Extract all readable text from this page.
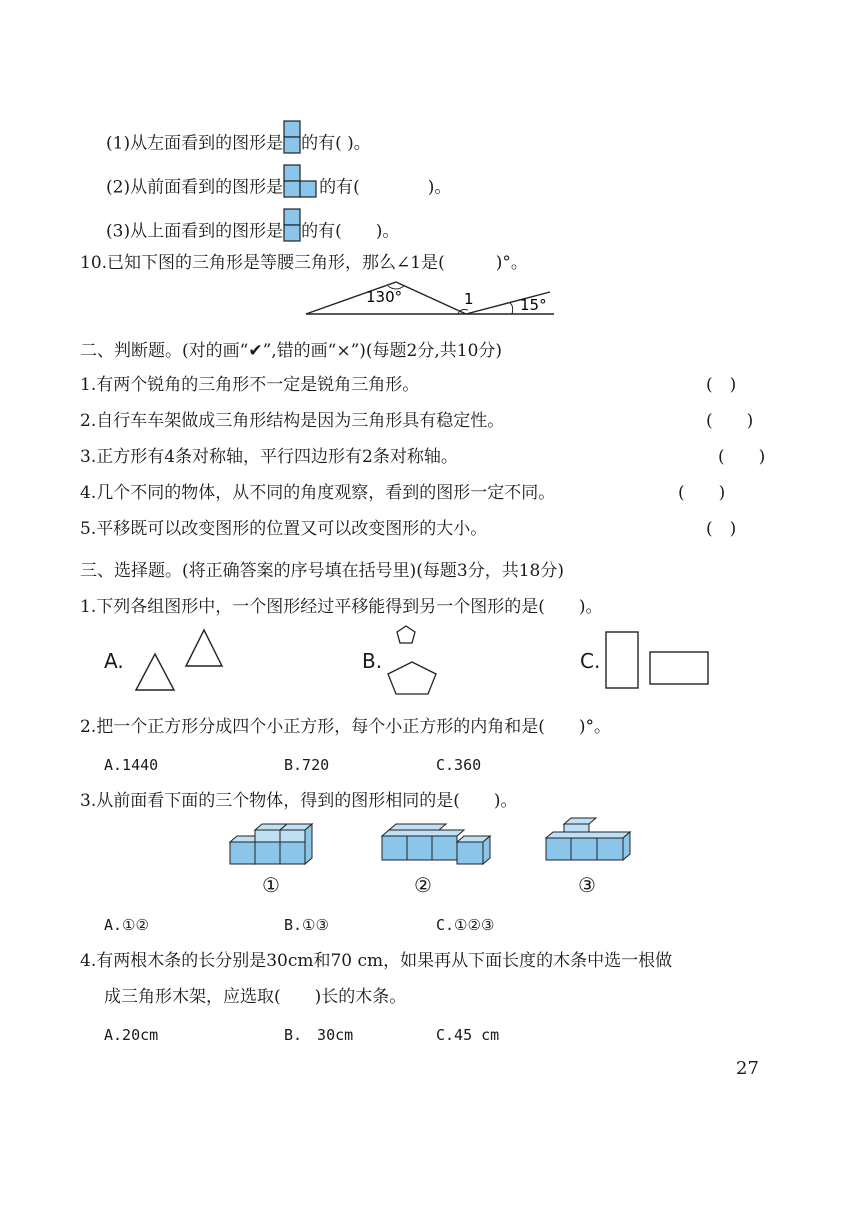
(1)从左面看到的图形是 的有( )。
(2)从前面看到的图形是 的有(　　　　)。
(3)从上面看到的图形是 的有(　　)。
10.已知下图的三角形是等腰三角形，那么∠1是(　　　)°。
130°	1	15°
二、判断题。(对的画“✔”,错的画“×”)(每题2分,共10分)
1.有两个锐角的三角形不一定是锐角三角形。	(　)
2.自行车车架做成三角形结构是因为三角形具有稳定性。	(　　)
3.正方形有4条对称轴，平行四边形有2条对称轴。	(　　)
4.几个不同的物体，从不同的角度观察，看到的图形一定不同。	(　　)
5.平移既可以改变图形的位置又可以改变图形的大小。	(　)
三、选择题。(将正确答案的序号填在括号里)(每题3分，共18分)
1.下列各组图形中，一个图形经过平移能得到另一个图形的是(　　)。
A.	B.	C.
2.把一个正方形分成四个小正方形，每个小正方形的内角和是(　　)°。
A.1440	B.720	C.360
3.从前面看下面的三个物体，得到的图形相同的是(　　)。
①	②	③
A.①②	B.①③	C.①②③
4.有两根木条的长分别是30cm和70 cm，如果再从下面长度的木条中选一根做
成三角形木架，应选取(　　)长的木条。
A.20cm	B.　30cm	C.45 cm
27
